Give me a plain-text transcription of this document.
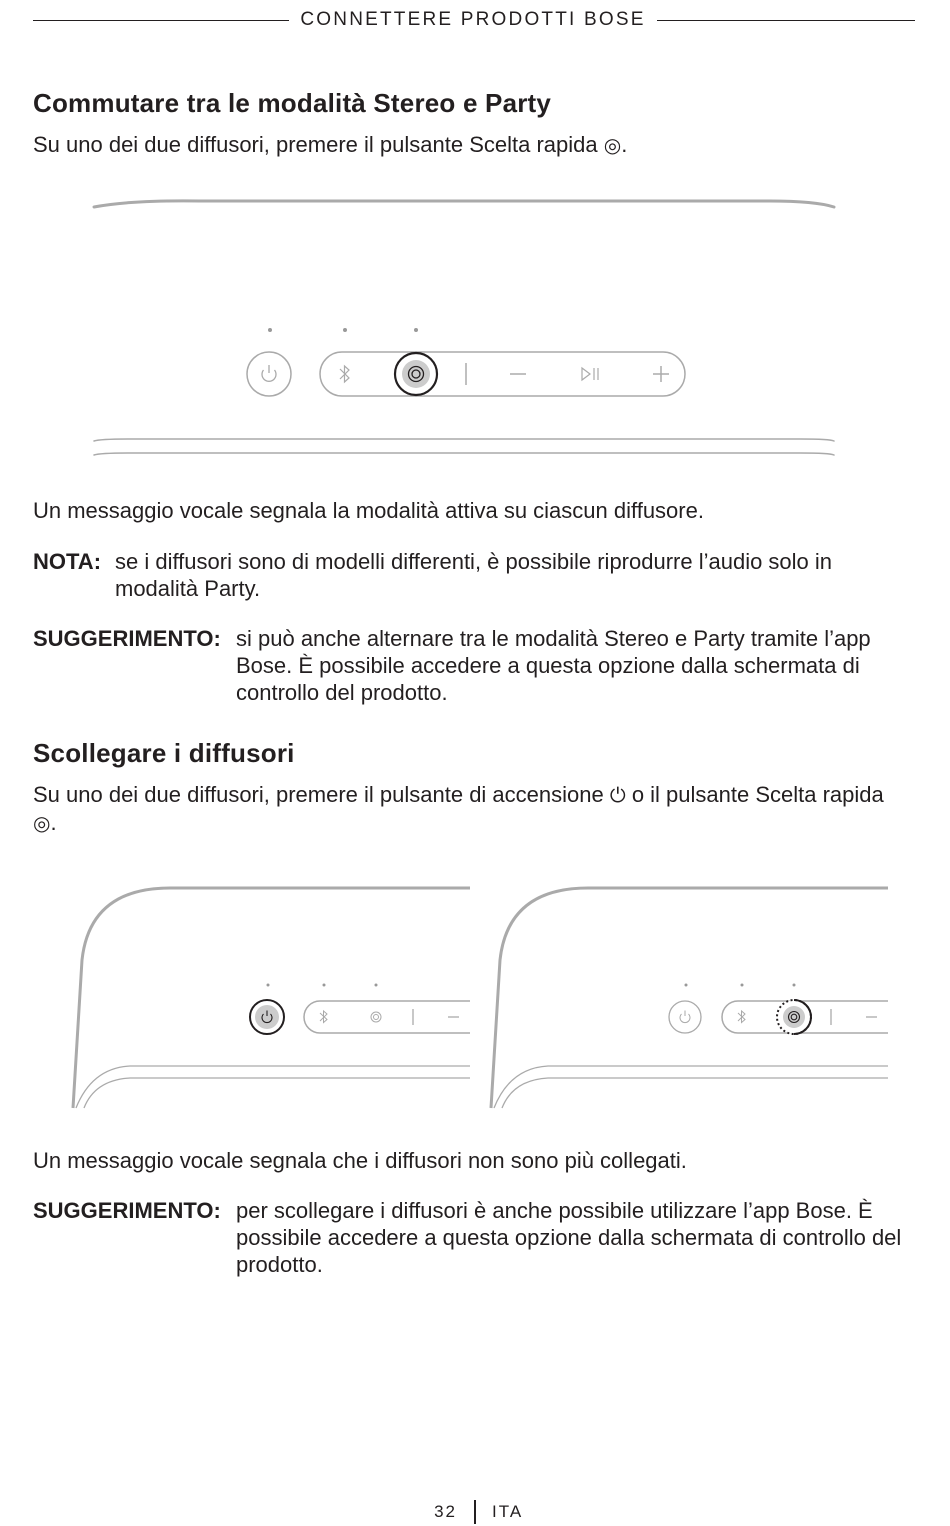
CONNETTERE PRODOTTI BOSE
Commutare tra le modalità Stereo e Party

Su uno dei due diffusori, premere il pulsante Scelta rapida ◎.

Un messaggio vocale segnala la modalità attiva su ciascun diffusore.

NOTA: se i diffusori sono di modelli differenti, è possibile riprodurre l’audio solo in modalità Party.

SUGGERIMENTO: si può anche alternare tra le modalità Stereo e Party tramite l’app Bose. È possibile accedere a questa opzione dalla schermata di controllo del prodotto.

Scollegare i diffusori

Su uno dei due diffusori, premere il pulsante di accensione ⏻ o il pulsante Scelta rapida ◎.

Un messaggio vocale segnala che i diffusori non sono più collegati.

SUGGERIMENTO: per scollegare i diffusori è anche possibile utilizzare l’app Bose. È possibile accedere a questa opzione dalla schermata di controllo del prodotto.

32 ITA
